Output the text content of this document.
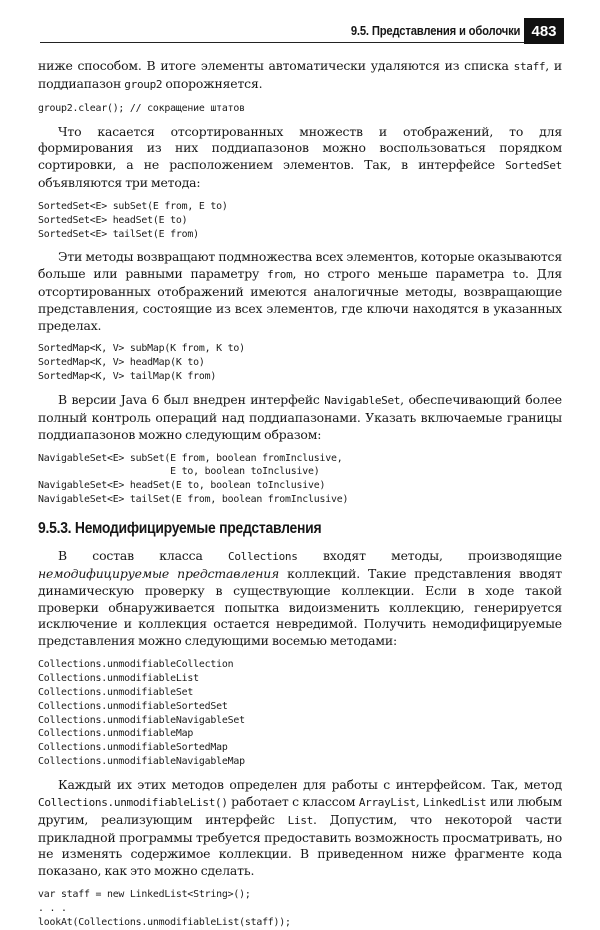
9.5. Представления и оболочки 483

ниже способом. В итоге элементы автоматически удаляются из списка staff, и поддиапазон group2 опорожняется.

group2.clear(); // сокращение штатов

Что касается отсортированных множеств и отображений, то для формирования из них поддиапазонов можно воспользоваться порядком сортировки, а не расположением элементов. Так, в интерфейсе SortedSet объявляются три метода:

SortedSet<E> subSet(E from, E to)
SortedSet<E> headSet(E to)
SortedSet<E> tailSet(E from)

Эти методы возвращают подмножества всех элементов, которые оказываются больше или равными параметру from, но строго меньше параметра to. Для отсортированных отображений имеются аналогичные методы, возвращающие представления, состоящие из всех элементов, где ключи находятся в указанных пределах.

SortedMap<K, V> subMap(K from, K to)
SortedMap<K, V> headMap(K to)
SortedMap<K, V> tailMap(K from)

В версии Java 6 был внедрен интерфейс NavigableSet, обеспечивающий более полный контроль операций над поддиапазонами. Указать включаемые границы поддиапазонов можно следующим образом:

NavigableSet<E> subSet(E from, boolean fromInclusive,
E to, boolean toInclusive)
NavigableSet<E> headSet(E to, boolean toInclusive)
NavigableSet<E> tailSet(E from, boolean fromInclusive)
9.5.3. Немодифицируемые представления

В состав класса Collections входят методы, производящие немодифицируемые представления коллекций. Такие представления вводят динамическую проверку в существующие коллекции. Если в ходе такой проверки обнаруживается попытка видоизменить коллекцию, генерируется исключение и коллекция остается невредимой. Получить немодифицируемые представления можно следующими восемью методами:

Collections.unmodifiableCollection
Collections.unmodifiableList
Collections.unmodifiableSet
Collections.unmodifiableSortedSet
Collections.unmodifiableNavigableSet
Collections.unmodifiableMap
Collections.unmodifiableSortedMap
Collections.unmodifiableNavigableMap

Каждый их этих методов определен для работы с интерфейсом. Так, метод Collections.unmodifiableList() работает с классом ArrayList, LinkedList или любым другим, реализующим интерфейс List. Допустим, что некоторой части прикладной программы требуется предоставить возможность просматривать, но не изменять содержимое коллекции. В приведенном ниже фрагменте кода показано, как это можно сделать.

var staff = new LinkedList<String>();
. . .
lookAt(Collections.unmodifiableList(staff));
